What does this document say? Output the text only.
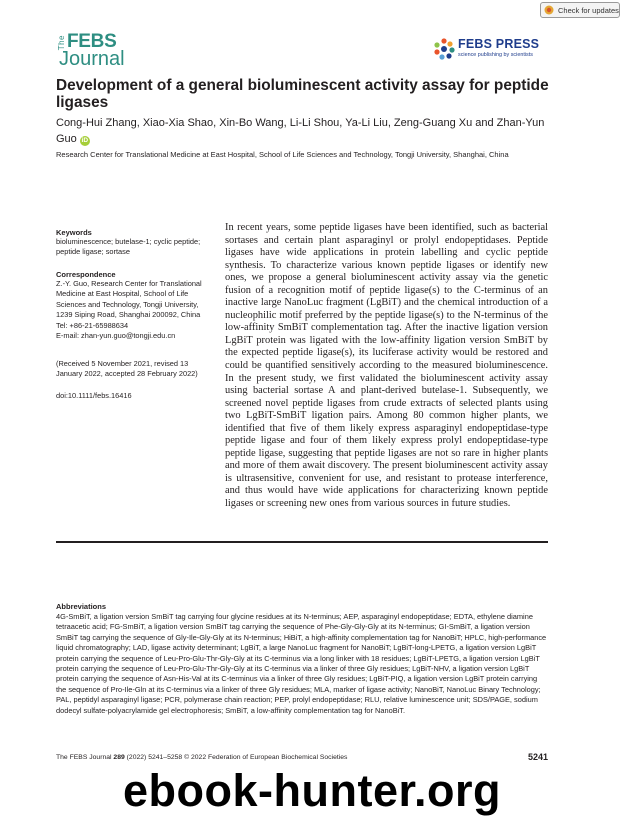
Check for updates
The FEBS
Journal
FEBS PRESS
science publishing by scientists
Development of a general bioluminescent activity assay for peptide ligases
Cong-Hui Zhang, Xiao-Xia Shao, Xin-Bo Wang, Li-Li Shou, Ya-Li Liu, Zeng-Guang Xu and Zhan-Yun Guo iD
Research Center for Translational Medicine at East Hospital, School of Life Sciences and Technology, Tongji University, Shanghai, China
Keywords
bioluminescence; butelase-1; cyclic peptide; peptide ligase; sortase
Correspondence
Z.-Y. Guo, Research Center for Translational Medicine at East Hospital, School of Life Sciences and Technology, Tongji University, 1239 Siping Road, Shanghai 200092, China
Tel: +86-21-65988634
E-mail: zhan-yun.guo@tongji.edu.cn
(Received 5 November 2021, revised 13 January 2022, accepted 28 February 2022)
doi:10.1111/febs.16416
In recent years, some peptide ligases have been identified, such as bacterial sortases and certain plant asparaginyl or prolyl endopeptidases. Peptide ligases have wide applications in protein labelling and cyclic peptide synthesis. To characterize various known peptide ligases or identify new ones, we propose a general bioluminescent activity assay via the genetic fusion of a recognition motif of peptide ligase(s) to the C-terminus of an inactive large NanoLuc fragment (LgBiT) and the chemical introduction of a nucleophilic motif preferred by the peptide ligase(s) to the N-terminus of the low-affinity SmBiT complementation tag. After the inactive ligation version LgBiT protein was ligated with the low-affinity ligation version SmBiT by the expected peptide ligase(s), its luciferase activity would be restored and could be quantified sensitively according to the measured bioluminescence. In the present study, we first validated the bioluminescent activity assay using bacterial sortase A and plant-derived butelase-1. Subsequently, we screened novel peptide ligases from crude extracts of selected plants using two LgBiT-SmBiT ligation pairs. Among 80 common higher plants, we identified that five of them likely express asparaginyl endopeptidase-type peptide ligase and four of them likely express prolyl endopeptidase-type peptide ligase, suggesting that peptide ligases are not so rare in higher plants and more of them await discovery. The present bioluminescent activity assay is ultrasensitive, convenient for use, and resistant to protease interference, and thus would have wide applications for characterizing known peptide ligases or screening new ones from various sources in future studies.
Abbreviations
4G-SmBiT, a ligation version SmBiT tag carrying four glycine residues at its N-terminus; AEP, asparaginyl endopeptidase; EDTA, ethylene diamine tetraacetic acid; FG-SmBiT, a ligation version SmBiT tag carrying the sequence of Phe-Gly-Gly-Gly at its N-terminus; GI-SmBiT, a ligation version SmBiT tag carrying the sequence of Gly-Ile-Gly-Gly at its N-terminus; HiBiT, a high-affinity complementation tag for NanoBiT; HPLC, high-performance liquid chromatography; LAD, ligase activity determinant; LgBiT, a large NanoLuc fragment for NanoBiT; LgBiT-long-LPETG, a ligation version LgBiT protein carrying the sequence of Leu-Pro-Glu-Thr-Gly-Gly at its C-terminus via a long linker with 18 residues; LgBiT-LPETG, a ligation version LgBiT protein carrying the sequence of Leu-Pro-Glu-Thr-Gly-Gly at its C-terminus via a linker of three Gly residues; LgBiT-NHV, a ligation version LgBiT protein carrying the sequence of Asn-His-Val at its C-terminus via a linker of three Gly residues; LgBiT-PIQ, a ligation version LgBiT protein carrying the sequence of Pro-Ile-Gln at its C-terminus via a linker of three Gly residues; MLA, marker of ligase activity; NanoBiT, NanoLuc Binary Technology; PAL, peptidyl asparaginyl ligase; PCR, polymerase chain reaction; PEP, prolyl endopeptidase; RLU, relative luminescence unit; SDS/PAGE, sodium dodecyl sulfate-polyacrylamide gel electrophoresis; SmBiT, a low-affinity complementation tag for NanoBiT.
The FEBS Journal 289 (2022) 5241–5258 © 2022 Federation of European Biochemical Societies	5241
ebook-hunter.org
